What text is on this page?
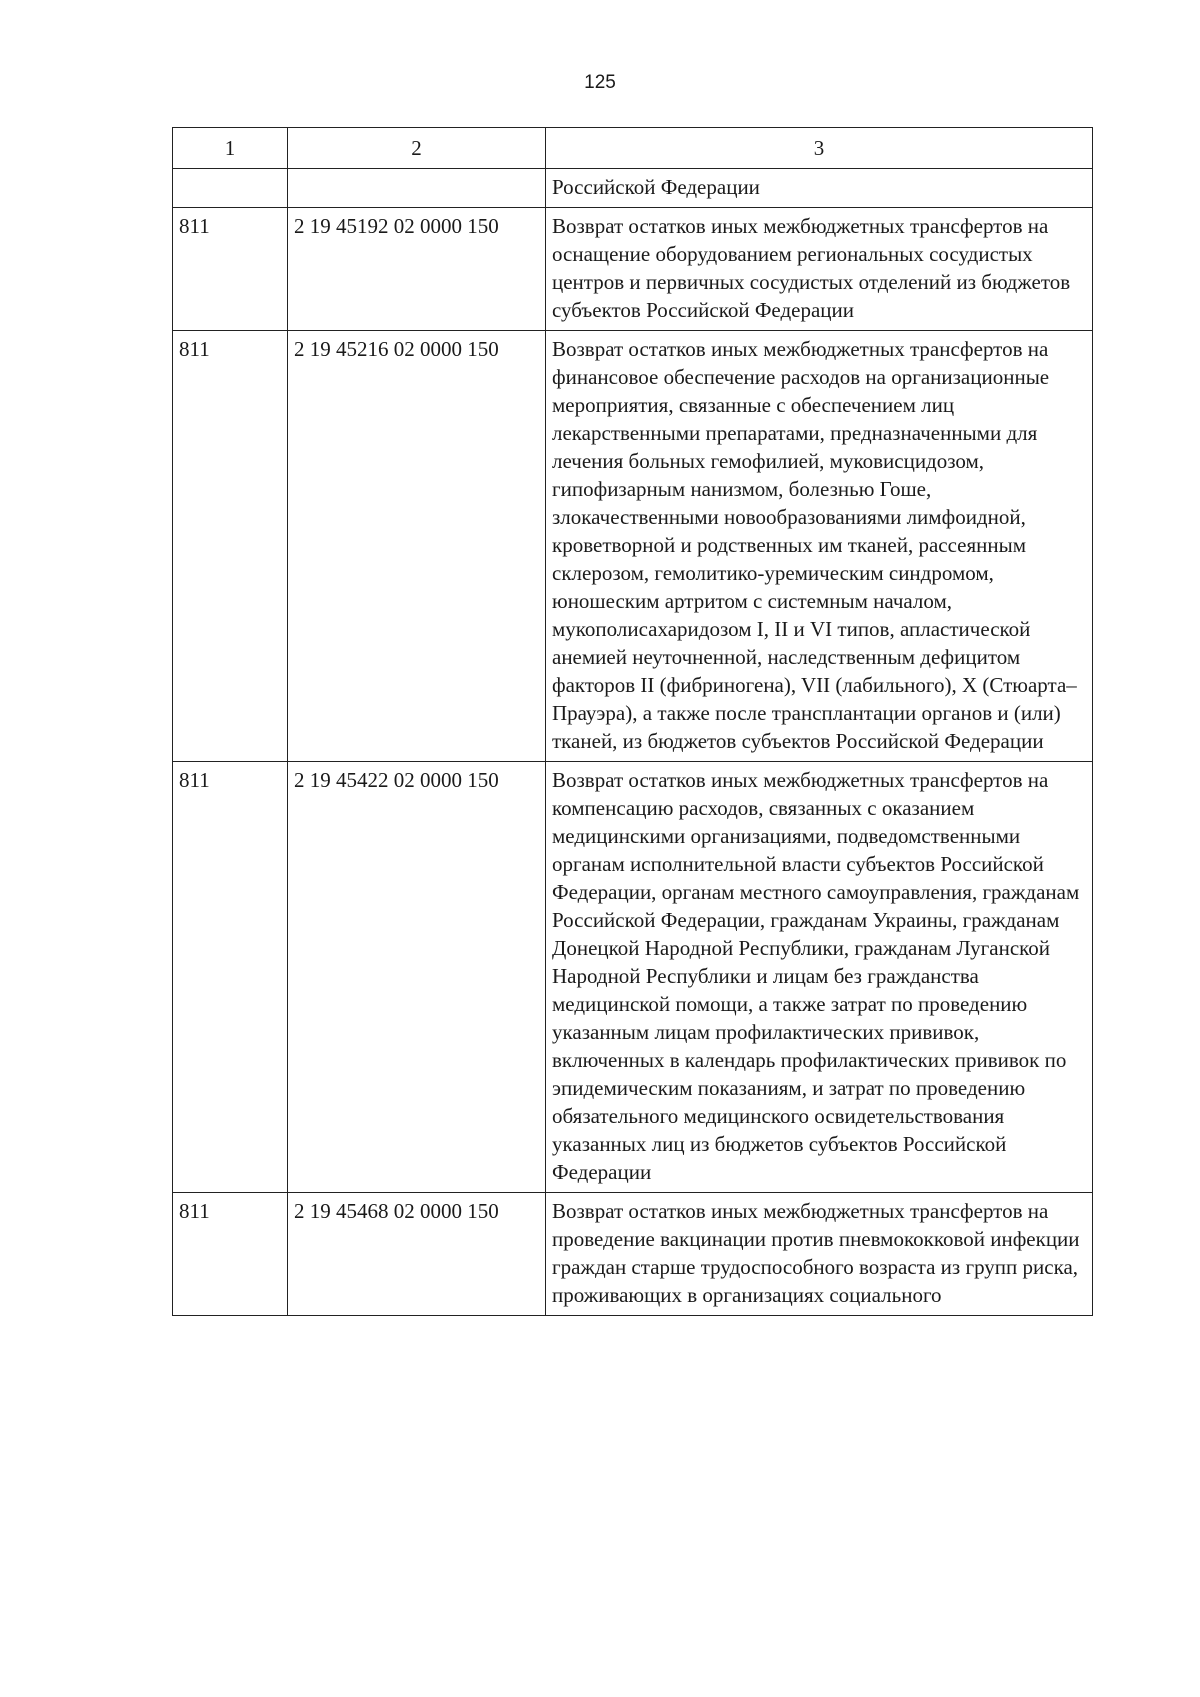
125
1	2	3
		Российской Федерации
811	2 19 45192 02 0000 150	Возврат остатков иных межбюджетных трансфертов на оснащение оборудованием региональных сосудистых центров и первичных сосудистых отделений из бюджетов субъектов Российской Федерации
811	2 19 45216 02 0000 150	Возврат остатков иных межбюджетных трансфертов на финансовое обеспечение расходов на организационные мероприятия, связанные с обеспечением лиц лекарственными препаратами, предназначенными для лечения больных гемофилией, муковисцидозом, гипофизарным нанизмом, болезнью Гоше, злокачественными новообразованиями лимфоидной, кроветворной и родственных им тканей, рассеянным склерозом, гемолитико-уремическим синдромом, юношеским артритом с системным началом, мукополисахаридозом I, II и VI типов, апластической анемией неуточненной, наследственным дефицитом факторов II (фибриногена), VII (лабильного), X (Стюарта–Прауэра), а также после трансплантации органов и (или) тканей, из бюджетов субъектов Российской Федерации
811	2 19 45422 02 0000 150	Возврат остатков иных межбюджетных трансфертов на компенсацию расходов, связанных с оказанием медицинскими организациями, подведомственными органам исполнительной власти субъектов Российской Федерации, органам местного самоуправления, гражданам Российской Федерации, гражданам Украины, гражданам Донецкой Народной Республики, гражданам Луганской Народной Республики и лицам без гражданства медицинской помощи, а также затрат по проведению указанным лицам профилактических прививок, включенных в календарь профилактических прививок по эпидемическим показаниям, и затрат по проведению обязательного медицинского освидетельствования указанных лиц из бюджетов субъектов Российской Федерации
811	2 19 45468 02 0000 150	Возврат остатков иных межбюджетных трансфертов на проведение вакцинации против пневмококковой инфекции граждан старше трудоспособного возраста из групп риска, проживающих в организациях социального
